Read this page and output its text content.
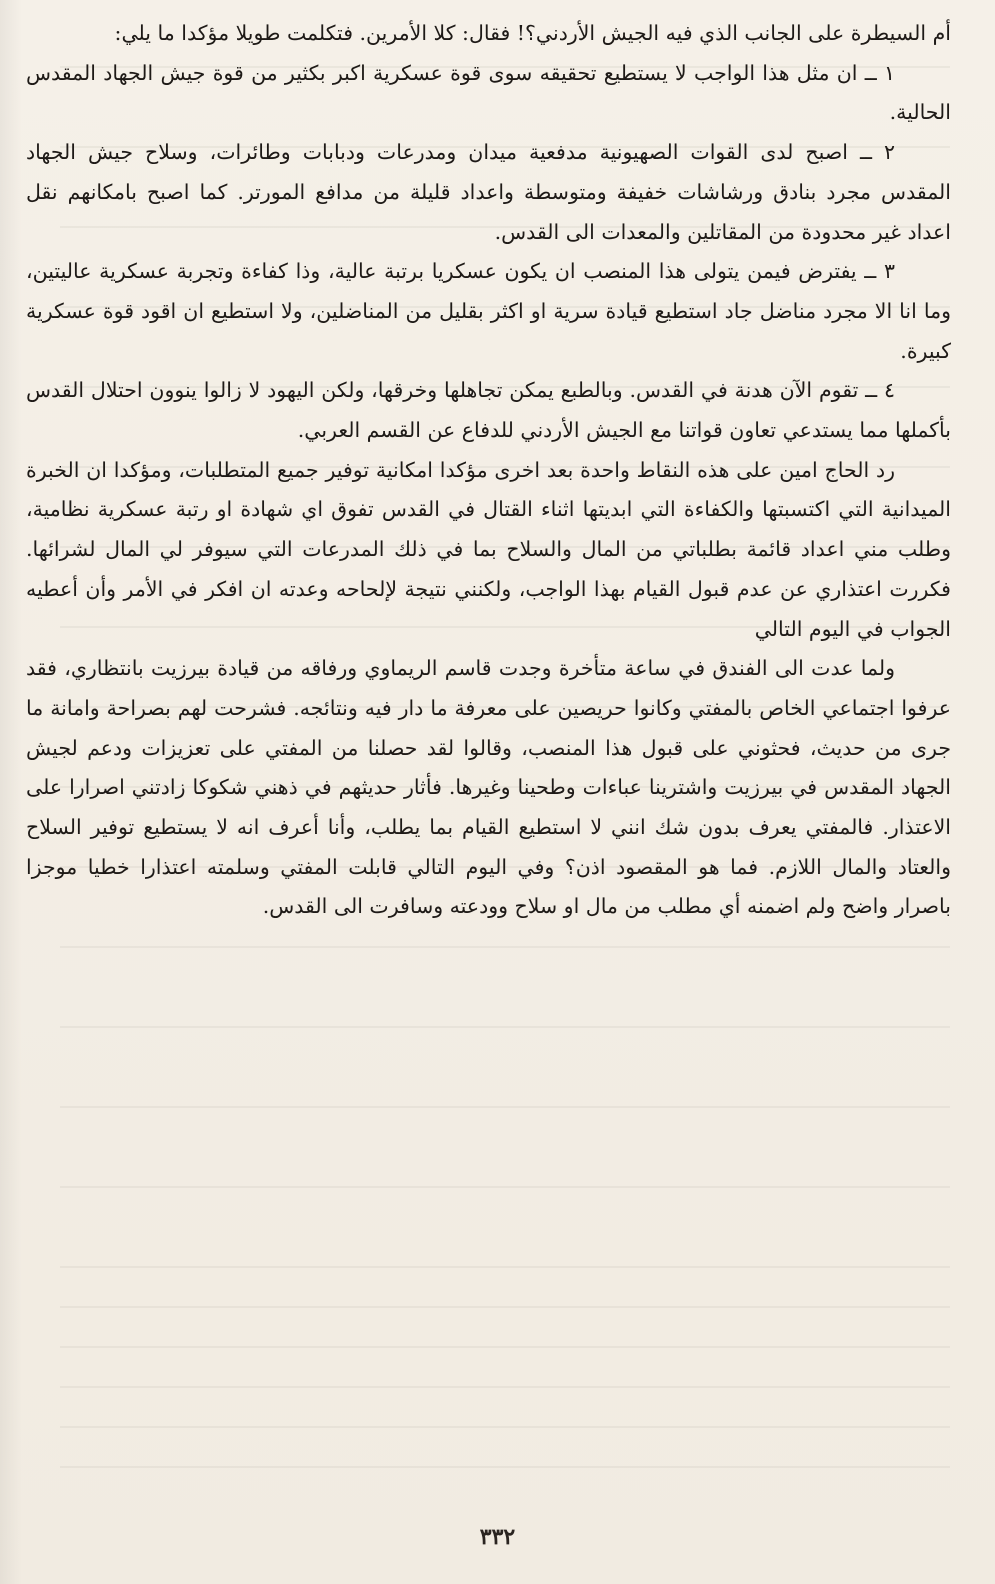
أم السيطرة على الجانب الذي فيه الجيش الأردني؟! فقال: كلا الأمرين. فتكلمت طويلا مؤكدا ما يلي:

١ ــ ان مثل هذا الواجب لا يستطيع تحقيقه سوى قوة عسكرية اكبر بكثير من قوة جيش الجهاد المقدس الحالية.

٢ ــ اصبح لدى القوات الصهيونية مدفعية ميدان ومدرعات ودبابات وطائرات، وسلاح جيش الجهاد المقدس مجرد بنادق ورشاشات خفيفة ومتوسطة واعداد قليلة من مدافع المورتر. كما اصبح بامكانهم نقل اعداد غير محدودة من المقاتلين والمعدات الى القدس.

٣ ــ يفترض فيمن يتولى هذا المنصب ان يكون عسكريا برتبة عالية، وذا كفاءة وتجربة عسكرية عاليتين، وما انا الا مجرد مناضل جاد استطيع قيادة سرية او اكثر بقليل من المناضلين، ولا استطيع ان اقود قوة عسكرية كبيرة.

٤ ــ تقوم الآن هدنة في القدس. وبالطبع يمكن تجاهلها وخرقها، ولكن اليهود لا زالوا ينوون احتلال القدس بأكملها مما يستدعي تعاون قواتنا مع الجيش الأردني للدفاع عن القسم العربي.

رد الحاج امين على هذه النقاط واحدة بعد اخرى مؤكدا امكانية توفير جميع المتطلبات، ومؤكدا ان الخبرة الميدانية التي اكتسبتها والكفاءة التي ابديتها اثناء القتال في القدس تفوق اي شهادة او رتبة عسكرية نظامية، وطلب مني اعداد قائمة بطلباتي من المال والسلاح بما في ذلك المدرعات التي سيوفر لي المال لشرائها. فكررت اعتذاري عن عدم قبول القيام بهذا الواجب، ولكنني نتيجة لإلحاحه وعدته ان افكر في الأمر وأن أعطيه الجواب في اليوم التالي

ولما عدت الى الفندق في ساعة متأخرة وجدت قاسم الريماوي ورفاقه من قيادة بيرزيت بانتظاري، فقد عرفوا اجتماعي الخاص بالمفتي وكانوا حريصين على معرفة ما دار فيه ونتائجه. فشرحت لهم بصراحة وامانة ما جرى من حديث، فحثوني على قبول هذا المنصب، وقالوا لقد حصلنا من المفتي على تعزيزات ودعم لجيش الجهاد المقدس في بيرزيت واشترينا عباءات وطحينا وغيرها. فأثار حديثهم في ذهني شكوكا زادتني اصرارا على الاعتذار. فالمفتي يعرف بدون شك انني لا استطيع القيام بما يطلب، وأنا أعرف انه لا يستطيع توفير السلاح والعتاد والمال اللازم. فما هو المقصود اذن؟ وفي اليوم التالي قابلت المفتي وسلمته اعتذارا خطيا موجزا باصرار واضح ولم اضمنه أي مطلب من مال او سلاح وودعته وسافرت الى القدس.

٣٣٢
